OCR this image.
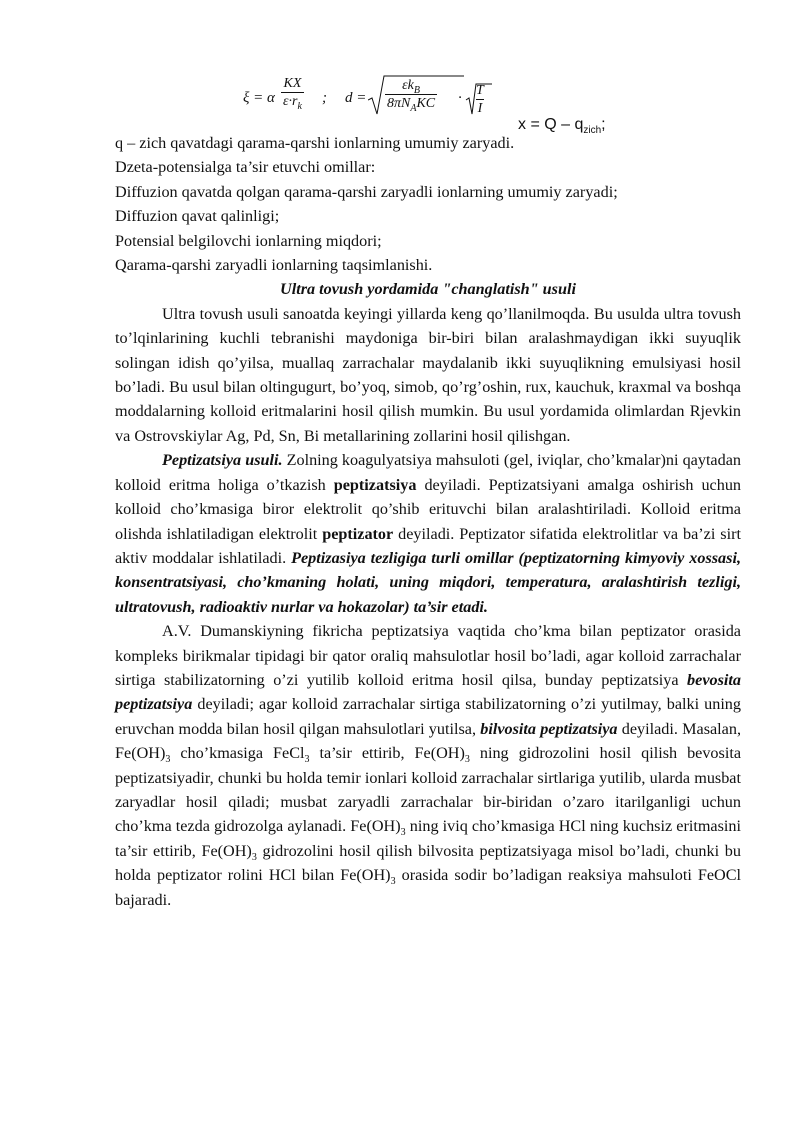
ξ = α $\frac{KX}{\varepsilon\cdot r_k}$ ; d =
$\varepsilon k_B$
$8\pi N_AKC \cdot \frac{T}{I}$
$x = Q - q_{zich}$;

q – zich qavatdagi qarama-qarshi ionlarning umumiy zaryadi.

Dzeta-potensialga ta’sir etuvchi omillar:

Diffuzion qavatda qolgan qarama-qarshi zaryadli ionlarning umumiy zaryadi;

Diffuzion qavat qalinligi;

Potensial belgilovchi ionlarning miqdori;

Qarama-qarshi zaryadli ionlarning taqsimlanishi.

Ultra tovush yordamida "changlatish" usuli

Ultra tovush usuli sanoatda keyingi yillarda keng qo’llanilmoqda. Bu usulda ultra tovush to’lqinlarining kuchli tebranishi maydoniga bir-biri bilan aralashmaydigan ikki suyuqlik solingan idish qo’yilsa, muallaq zarrachalar maydalanib ikki suyuqlikning emulsiyasi hosil bo’ladi. Bu usul bilan oltingugurt, bo’yoq, simob, qo’rg’oshin, rux, kauchuk, kraxmal va boshqa moddalarning kolloid eritmalarini hosil qilish mumkin. Bu usul yordamida olimlardan Rjevkin va Ostrovskiylar Ag, Pd, Sn, Bi metallarining zollarini hosil qilishgan.

Peptizatsiya usuli. Zolning koagulyatsiya mahsuloti (gel, iviqlar, cho’kmalar)ni qaytadan kolloid eritma holiga o’tkazish peptizatsiya deyiladi. Peptizatsiyani amalga oshirish uchun kolloid cho’kmasiga biror elektrolit qo’shib erituvchi bilan aralashtiriladi. Kolloid eritma olishda ishlatiladigan elektrolit peptizator deyiladi. Peptizator sifatida elektrolitlar va ba’zi sirt aktiv moddalar ishlatiladi. Peptizasiya tezligiga turli omillar (peptizatorning kimyoviy xossasi, konsentratsiyasi, cho’kmaning holati, uning miqdori, temperatura, aralashtirish tezligi, ultratovush, radioaktiv nurlar va hokazolar) ta’sir etadi.

A.V. Dumanskiyning fikricha peptizatsiya vaqtida cho’kma bilan peptizator orasida kompleks birikmalar tipidagi bir qator oraliq mahsulotlar hosil bo’ladi, agar kolloid zarrachalar sirtiga stabilizatorning o’zi yutilib kolloid eritma hosil qilsa, bunday peptizatsiya bevosita peptizatsiya deyiladi; agar kolloid zarrachalar sirtiga stabilizatorning o’zi yutilmay, balki uning eruvchan modda bilan hosil qilgan mahsulotlari yutilsa, bilvosita peptizatsiya deyiladi. Masalan, $Fe(OH)_3$ cho’kmasiga FeCl$_3$ ta’sir ettirib, $Fe(OH)_3$ ning gidrozolini hosil qilish bevosita peptizatsiyadir, chunki bu holda temir ionlari kolloid zarrachalar sirtlariga yutilib, ularda musbat zaryadlar hosil qiladi; musbat zaryadli zarrachalar bir-biridan o’zaro itarilganligi uchun cho’kma tezda gidrozolga aylanadi. $Fe(OH)_3$ ning iviq cho’kmasiga HCl ning kuchsiz eritmasini ta’sir ettirib, $Fe(OH)_3$ gidrozolini hosil qilish bilvosita peptizatsiyaga misol bo’ladi, chunki bu holda peptizator rolini HCl bilan $Fe(OH)_3$ orasida sodir bo’ladigan reaksiya mahsuloti FeOCl bajaradi.
